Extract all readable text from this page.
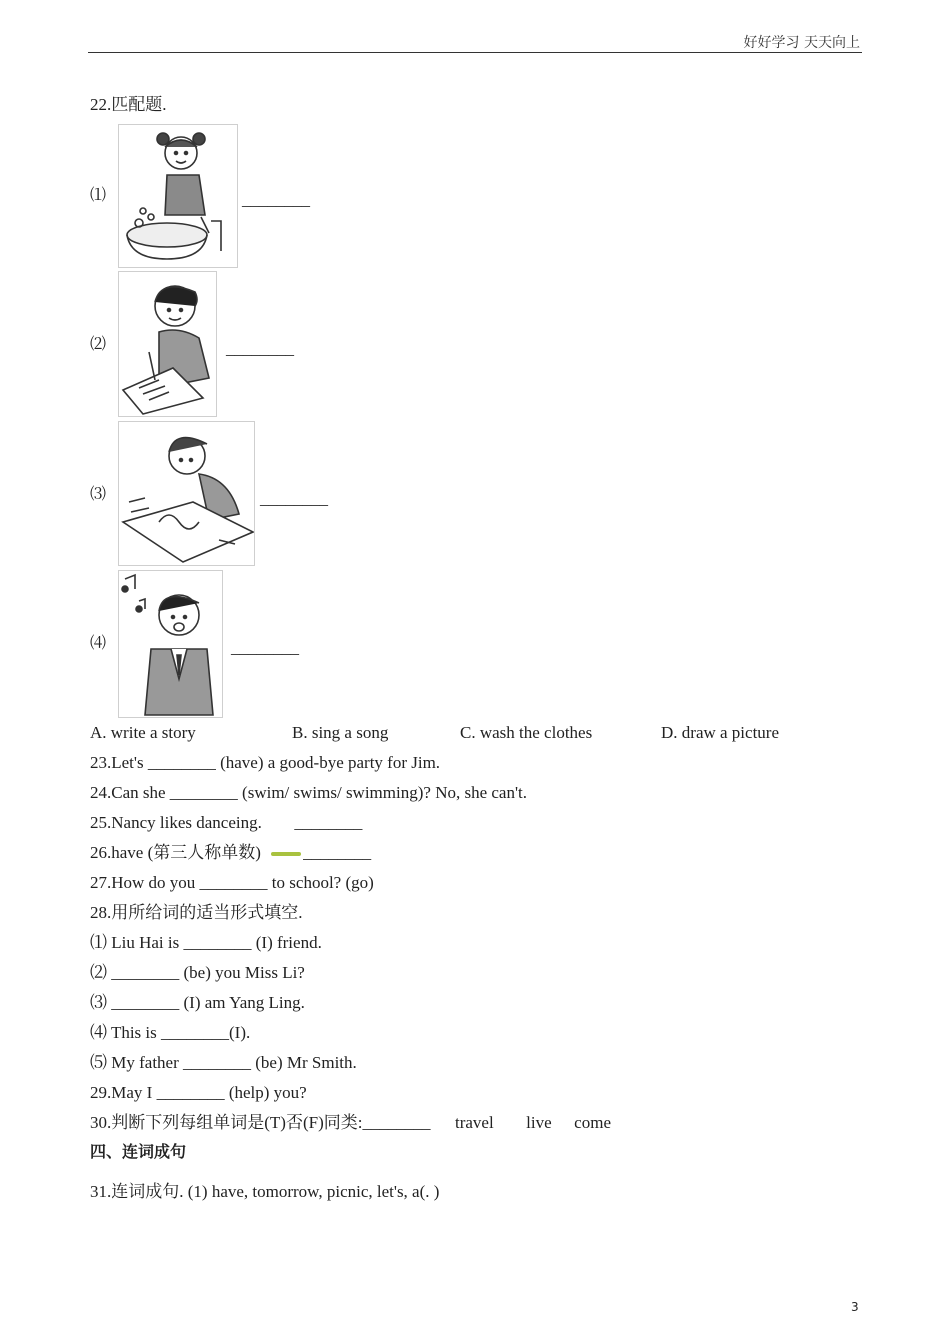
好好学习 天天向上
22.匹配题.
⑴	________
⑵	________
⑶	________
⑷	________
A. write a story	B. sing a song	C. wash the clothes	D. draw a picture
23.Let's ________ (have) a good-bye party for Jim.
24.Can she ________ (swim/ swims/ swimming)? No, she can't.
25.Nancy likes danceing. ________
26.have (第三人称单数) ________
27.How do you ________ to school? (go)
28.用所给词的适当形式填空.
⑴ Liu Hai is ________ (I) friend.
⑵ ________ (be) you Miss Li?
⑶ ________ (I) am Yang Ling.
⑷ This is ________(I).
⑸ My father ________ (be) Mr Smith.
29.May I ________ (help) you?
30.判断下列每组单词是(T)否(F)同类:________ travel live come
四、连词成句
31.连词成句. (1) have, tomorrow, picnic, let's, a(. )
3
